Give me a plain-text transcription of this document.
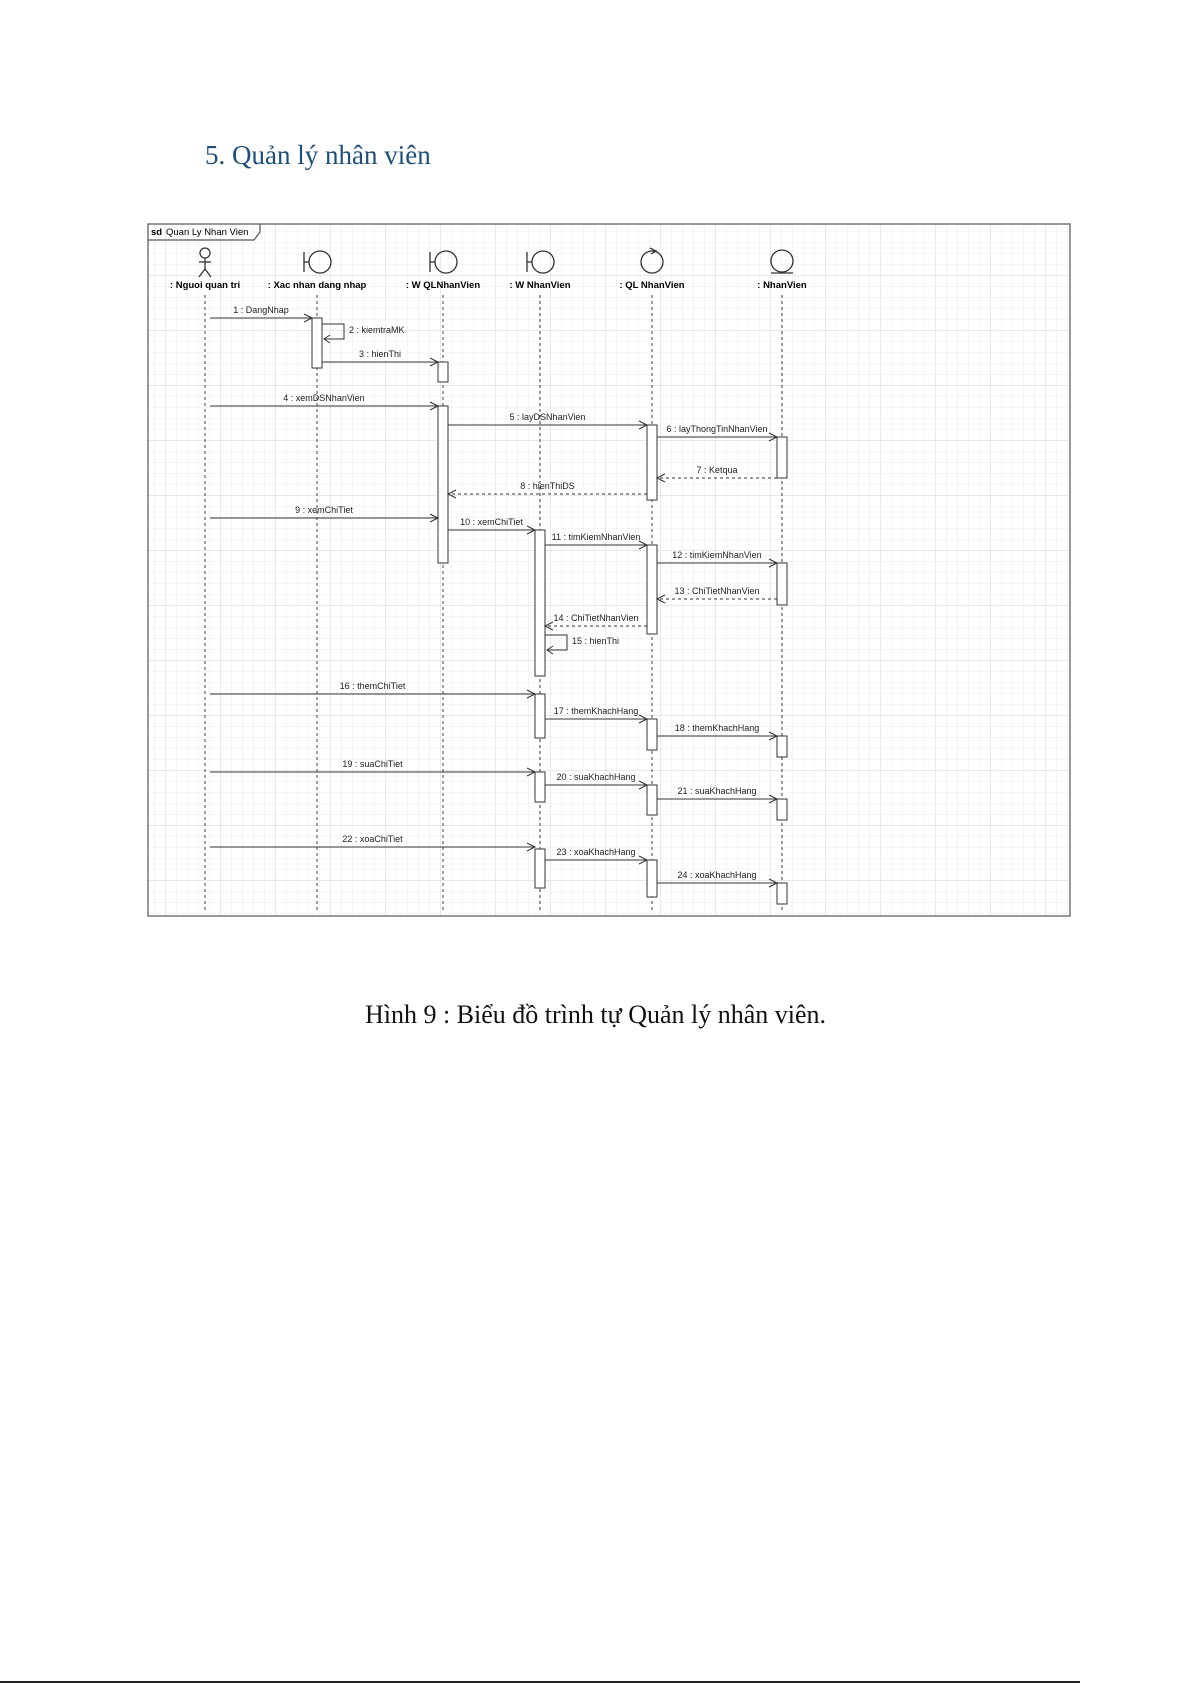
5. Quản lý nhân viên
sd Quan Ly Nhan Vien
: Nguoi quan tri	: Xac nhan dang nhap	: W QLNhanVien	: W NhanVien	: QL NhanVien	: NhanVien
1 : DangNhap
2 : kiemtraMK
3 : hienThi
4 : xemDSNhanVien
5 : layDSNhanVien
6 : layThongTinNhanVien
7 : Ketqua
8 : hienThiDS
9 : xemChiTiet
10 : xemChiTiet
11 : timKiemNhanVien
12 : timKiemNhanVien
13 : ChiTietNhanVien
14 : ChiTietNhanVien
15 : hienThi
16 : themChiTiet
17 : themKhachHang
18 : themKhachHang
19 : suaChiTiet
20 : suaKhachHang
21 : suaKhachHang
22 : xoaChiTiet
23 : xoaKhachHang
24 : xoaKhachHang

Hình 9 : Biểu đồ trình tự Quản lý nhân viên.
